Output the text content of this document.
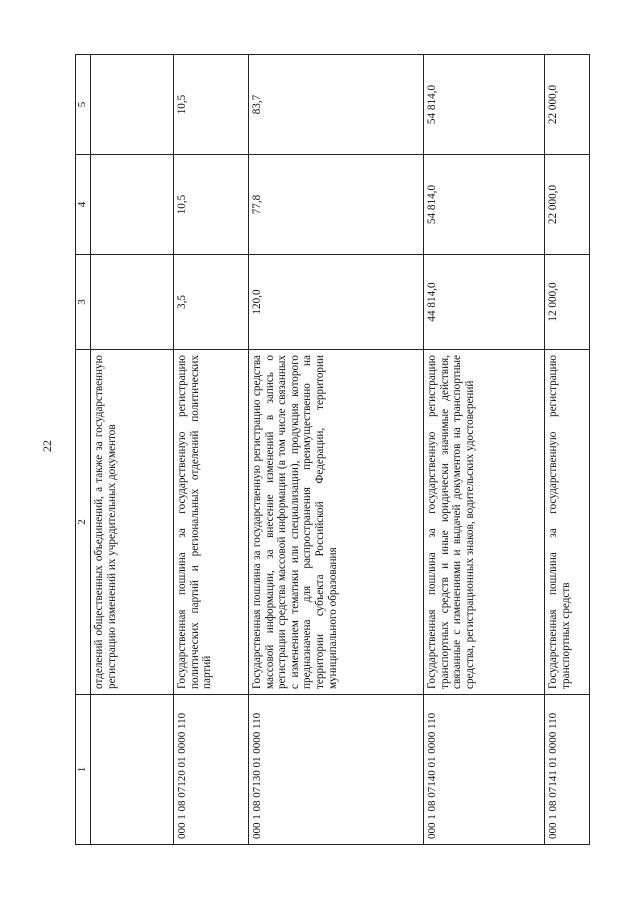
22
1	2	3	4	5
	отделений общественных объединений, а также за государственную регистрацию изменений их учредительных документов			
000 1 08 07120 01 0000 110	Государственная пошлина за государственную регистрацию политических партий и региональных отделений политических партий	3,5	10,5	10,5
000 1 08 07130 01 0000 110	Государственная пошлина за государственную регистрацию средства массовой информации, за внесение изменений в запись о регистрации средства массовой информации (в том числе связанных с изменением тематики или специализации), продукция которого предназначена для распространения преимущественно на территории субъекта Российской Федерации, территории муниципального образования	120,0	77,8	83,7
000 1 08 07140 01 0000 110	Государственная пошлина за государственную регистрацию транспортных средств и иные юридически значимые действия, связанные с изменениями и выдачей документов на транспортные средства, регистрационных знаков, водительских удостоверений	44 814,0	54 814,0	54 814,0
000 1 08 07141 01 0000 110	Государственная пошлина за государственную регистрацию транспортных средств	12 000,0	22 000,0	22 000,0
